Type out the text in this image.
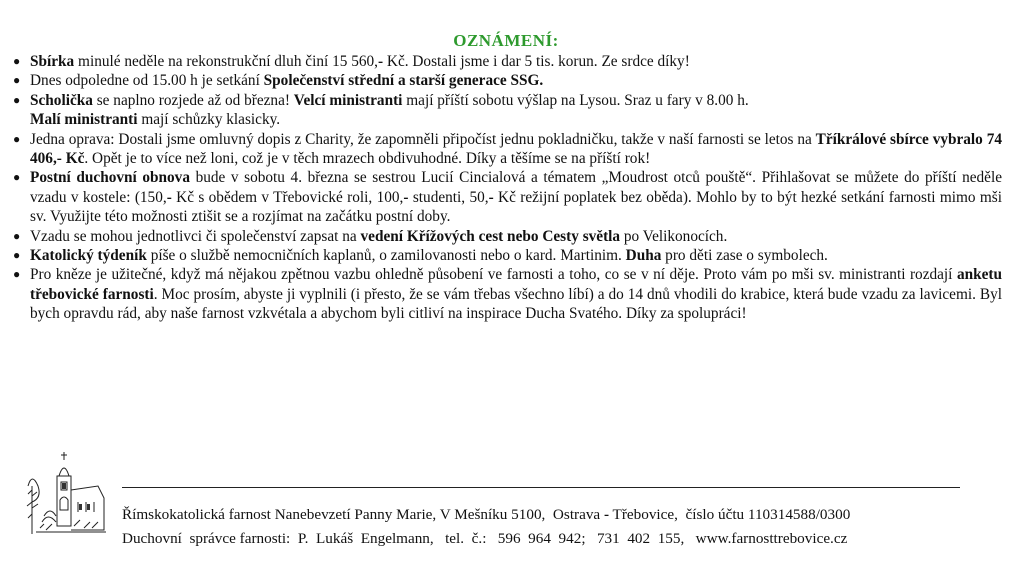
OZNÁMENÍ:
● Sbírka minulé neděle na rekonstrukční dluh činí 15 560,- Kč. Dostali jsme i dar 5 tis. korun. Ze srdce díky!
● Dnes odpoledne od 15.00 h je setkání Společenství střední a starší generace SSG.
● Scholička se naplno rozjede až od března! Velcí ministranti mají příští sobotu výšlap na Lysou. Sraz u fary v 8.00 h.
Malí ministranti mají schůzky klasicky.
● Jedna oprava: Dostali jsme omluvný dopis z Charity, že zapomněli připočíst jednu pokladničku, takže v naší farnosti se letos na Tříkrálové sbírce vybralo 74 406,- Kč. Opět je to více než loni, což je v těch mrazech obdivuhodné. Díky a těšíme se na příští rok!
● Postní duchovní obnova bude v sobotu 4. března se sestrou Lucií Cincialová a tématem „Moudrost otců pouště“. Přihlašovat se můžete do příští neděle vzadu v kostele: (150,- Kč s obědem v Třebovické roli, 100,- studenti, 50,- Kč režijní poplatek bez oběda). Mohlo by to být hezké setkání farnosti mimo mši sv. Využijte této možnosti ztišit se a rozjímat na začátku postní doby.
● Vzadu se mohou jednotlivci či společenství zapsat na vedení Křížových cest nebo Cesty světla po Velikonocích.
● Katolický týdeník píše o službě nemocničních kaplanů, o zamilovanosti nebo o kard. Martinim. Duha pro děti zase o symbolech.
● Pro kněze je užitečné, když má nějakou zpětnou vazbu ohledně působení ve farnosti a toho, co se v ní děje. Proto vám po mši sv. ministranti rozdají anketu třebovické farnosti. Moc prosím, abyste ji vyplnili (i přesto, že se vám třebas všechno líbí) a do 14 dnů vhodili do krabice, která bude vzadu za lavicemi. Byl bych opravdu rád, aby naše farnost vzkvétala a abychom byli citliví na inspirace Ducha Svatého. Díky za spolupráci!
Římskokatolická farnost Nanebevzetí Panny Marie, V Mešníku 5100,  Ostrava - Třebovice,  číslo účtu 110314588/0300
Duchovní  správce farnosti:  P.  Lukáš  Engelmann,   tel.  č.:   596  964  942;   731  402  155,   www.farnosttrebovice.cz
